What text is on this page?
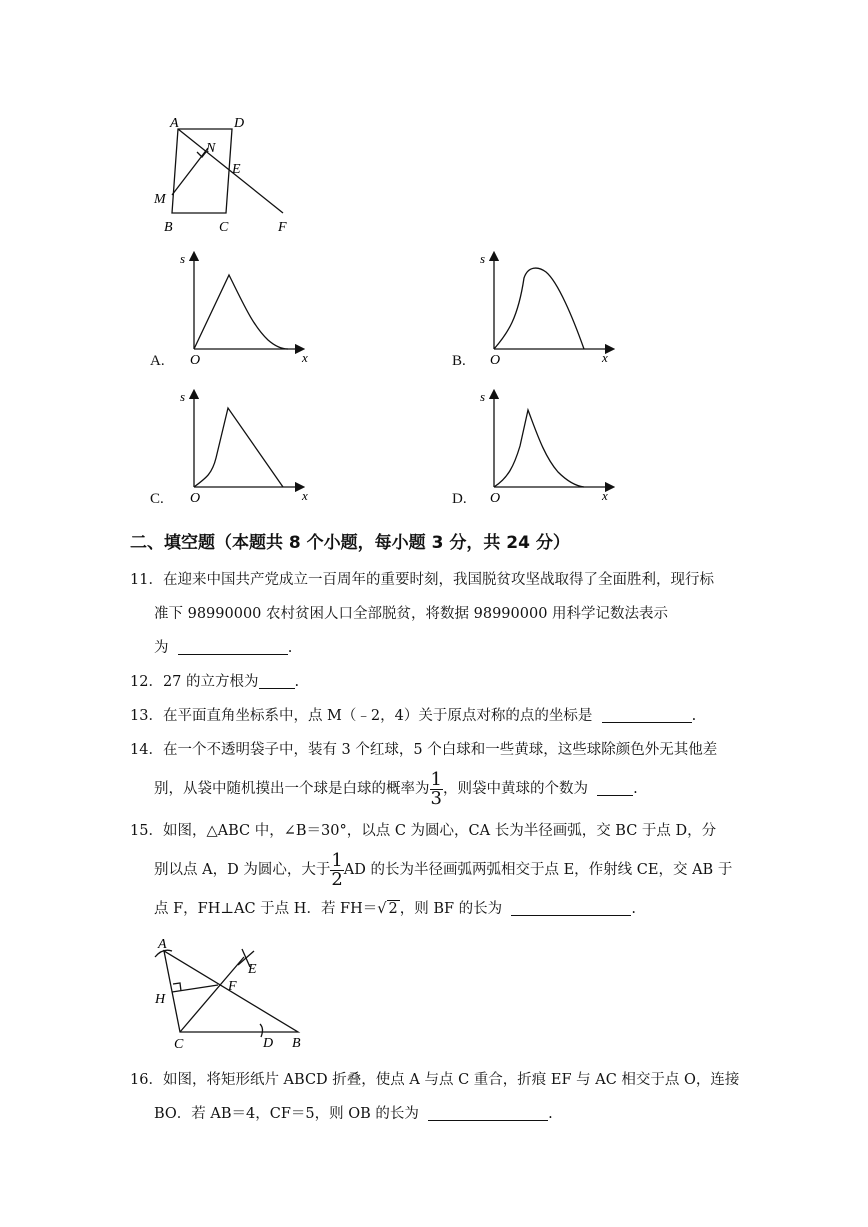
A	D
N
E
M
B	C	F
A.
s
O	x	B.
s
O	x
C.
s
O	x	D.
s
O	x
二、填空题（本题共 8 个小题，每小题 3 分，共 24 分）

11．在迎来中国共产党成立一百周年的重要时刻，我国脱贫攻坚战取得了全面胜利，现行标

准下 98990000 农村贫困人口全部脱贫，将数据 98990000 用科学记数法表示

为	.

12．27 的立方根为 .

13．在平面直角坐标系中，点 M（﹣2，4）关于原点对称的点的坐标是	.

14．在一个不透明袋子中，装有 3 个红球，5 个白球和一些黄球，这些球除颜色外无其他差

别，从袋中随机摸出一个球是白球的概率为 $\frac{1}{3}$ ，则袋中黄球的个数为	.

15．如图，△ABC 中，∠B＝30°，以点 C 为圆心，CA 长为半径画弧，交 BC 于点 D，分

别以点 A，D 为圆心，大于 $\frac{1}{2}$ AD 的长为半径画弧两弧相交于点 E，作射线 CE，交 AB 于

点 F，FH⊥AC 于点 H．若 FH＝√ 2 ，则 BF 的长为	.

A
E
F
H
C	D B

16．如图，将矩形纸片 ABCD 折叠，使点 A 与点 C 重合，折痕 EF 与 AC 相交于点 O，连接

BO．若 AB＝4，CF＝5，则 OB 的长为	.
